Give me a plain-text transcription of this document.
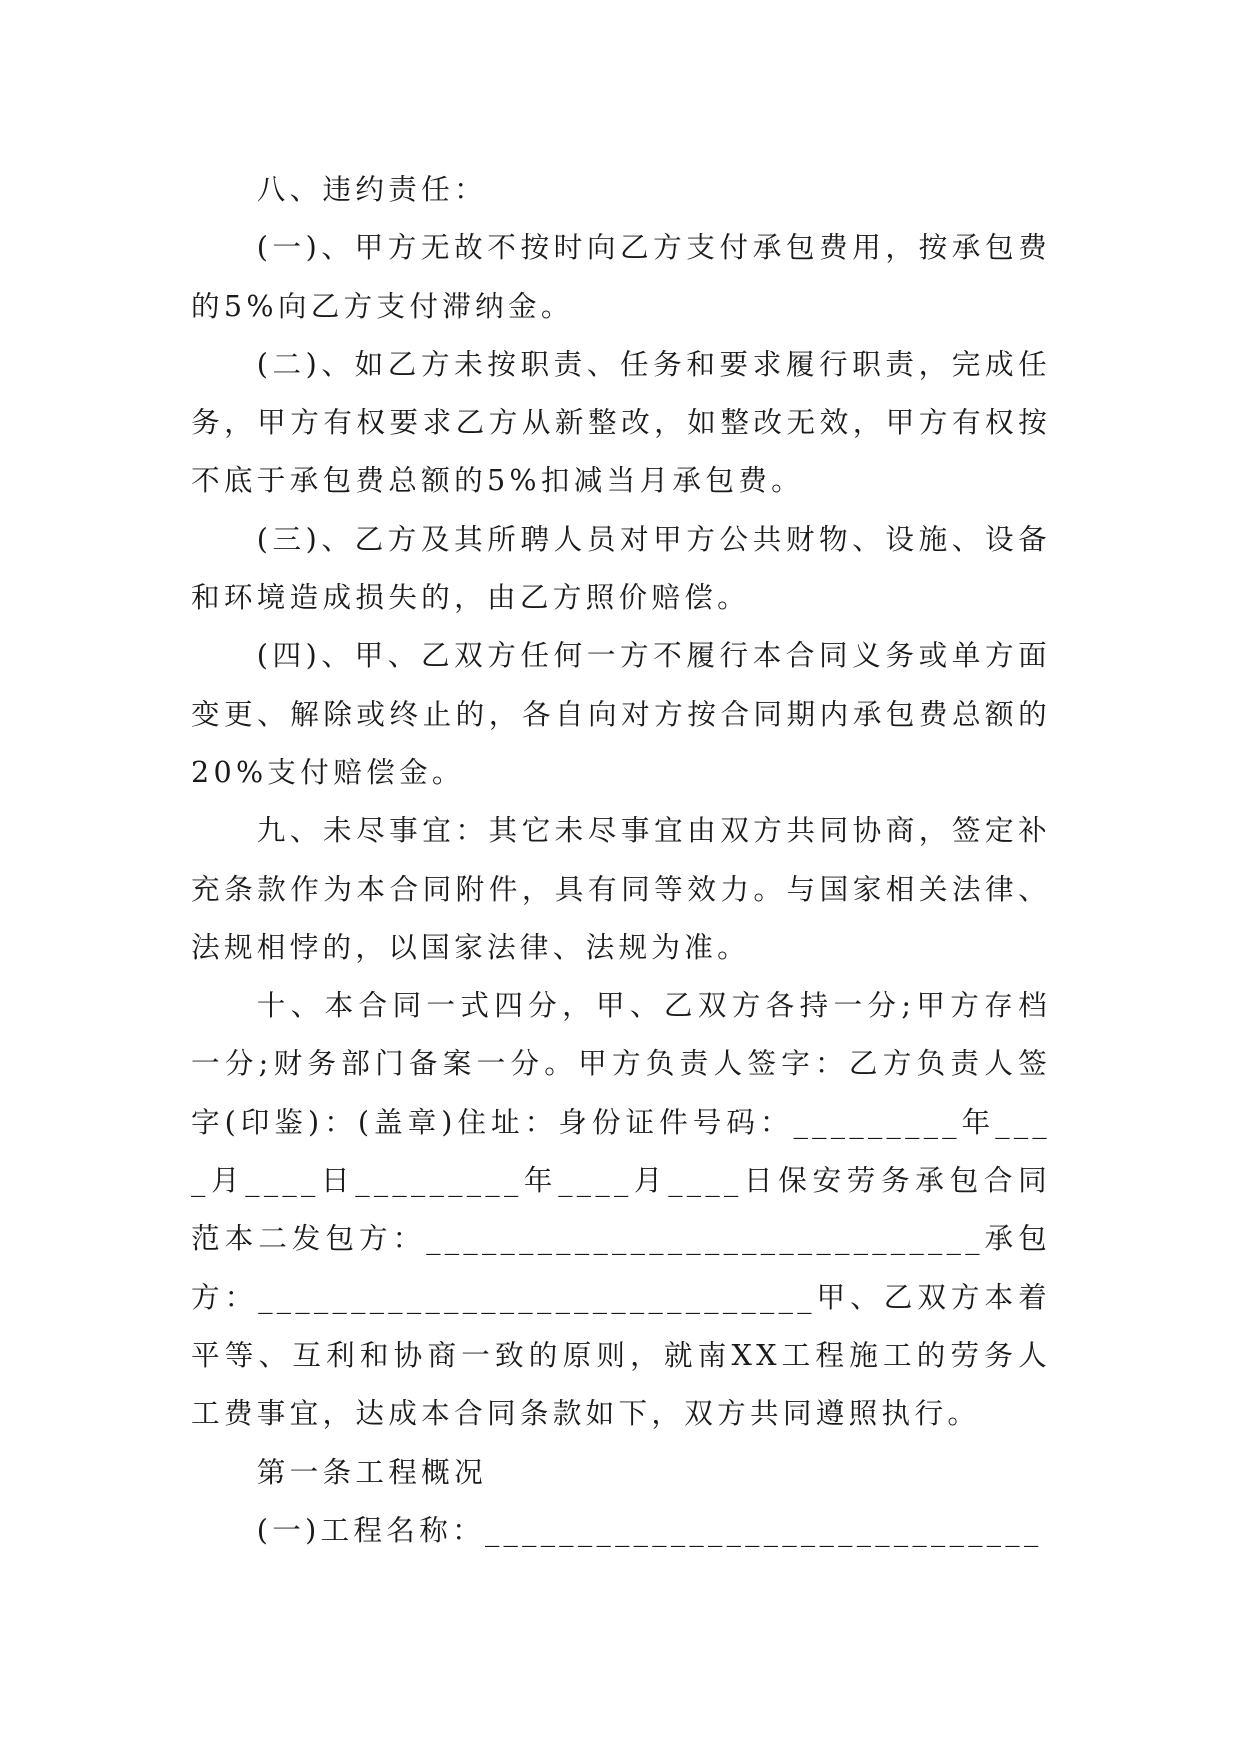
八、违约责任：

(一)、甲方无故不按时向乙方支付承包费用，按承包费的5%向乙方支付滞纳金。

(二)、如乙方未按职责、任务和要求履行职责，完成任务，甲方有权要求乙方从新整改，如整改无效，甲方有权按不底于承包费总额的5%扣减当月承包费。

(三)、乙方及其所聘人员对甲方公共财物、设施、设备和环境造成损失的，由乙方照价赔偿。

(四)、甲、乙双方任何一方不履行本合同义务或单方面变更、解除或终止的，各自向对方按合同期内承包费总额的20%支付赔偿金。

九、未尽事宜：其它未尽事宜由双方共同协商，签定补充条款作为本合同附件，具有同等效力。与国家相关法律、法规相悖的，以国家法律、法规为准。

十、本合同一式四分，甲、乙双方各持一分;甲方存档一分;财务部门备案一分。甲方负责人签字：乙方负责人签字(印鉴)：(盖章)住址：身份证件号码：_________年____月____日_________年____月____日保安劳务承包合同范本二发包方：______________________________承包方：______________________________甲、乙双方本着平等、互利和协商一致的原则，就南XX工程施工的劳务人工费事宜，达成本合同条款如下，双方共同遵照执行。

第一条工程概况

(一)工程名称：______________________________
